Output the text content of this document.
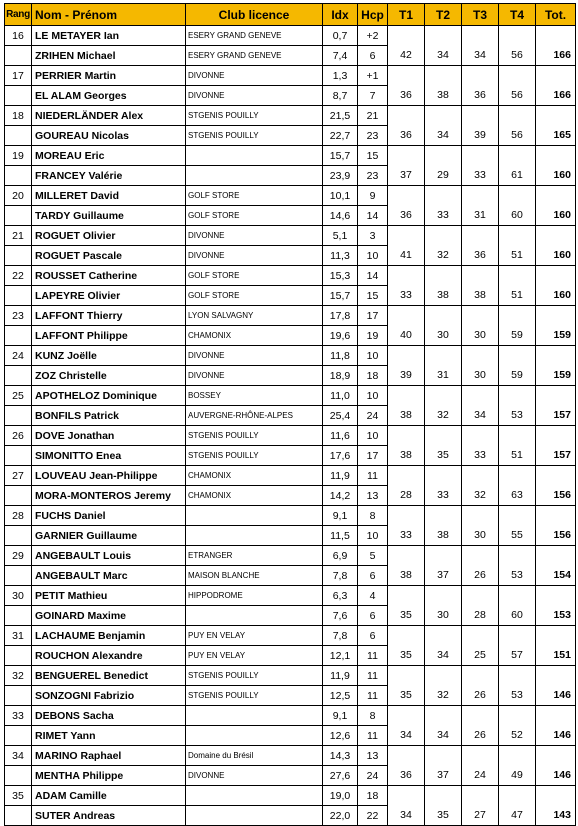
Rang	Nom - Prénom	Club licence	Idx	Hcp	T1	T2	T3	T4	Tot.
16	LE METAYER Ian	ESERY GRAND GENEVE	0,7	+2					
	ZRIHEN Michael	ESERY GRAND GENEVE	7,4	6	42	34	34	56	166
17	PERRIER Martin	DIVONNE	1,3	+1					
	EL ALAM Georges	DIVONNE	8,7	7	36	38	36	56	166
18	NIEDERLÄNDER Alex	STGENIS POUILLY	21,5	21					
	GOUREAU Nicolas	STGENIS POUILLY	22,7	23	36	34	39	56	165
19	MOREAU Eric		15,7	15					
	FRANCEY Valérie		23,9	23	37	29	33	61	160
20	MILLERET David	GOLF STORE	10,1	9					
	TARDY Guillaume	GOLF STORE	14,6	14	36	33	31	60	160
21	ROGUET Olivier	DIVONNE	5,1	3					
	ROGUET Pascale	DIVONNE	11,3	10	41	32	36	51	160
22	ROUSSET Catherine	GOLF STORE	15,3	14					
	LAPEYRE Olivier	GOLF STORE	15,7	15	33	38	38	51	160
23	LAFFONT Thierry	LYON SALVAGNY	17,8	17					
	LAFFONT Philippe	CHAMONIX	19,6	19	40	30	30	59	159
24	KUNZ Joëlle	DIVONNE	11,8	10					
	ZOZ Christelle	DIVONNE	18,9	18	39	31	30	59	159
25	APOTHELOZ Dominique	BOSSEY	11,0	10					
	BONFILS Patrick	AUVERGNE-RHÔNE-ALPES	25,4	24	38	32	34	53	157
26	DOVE Jonathan	STGENIS POUILLY	11,6	10					
	SIMONITTO Enea	STGENIS POUILLY	17,6	17	38	35	33	51	157
27	LOUVEAU Jean-Philippe	CHAMONIX	11,9	11					
	MORA-MONTEROS Jeremy	CHAMONIX	14,2	13	28	33	32	63	156
28	FUCHS Daniel		9,1	8					
	GARNIER Guillaume		11,5	10	33	38	30	55	156
29	ANGEBAULT Louis	ETRANGER	6,9	5					
	ANGEBAULT Marc	MAISON BLANCHE	7,8	6	38	37	26	53	154
30	PETIT Mathieu	HIPPODROME	6,3	4					
	GOINARD Maxime		7,6	6	35	30	28	60	153
31	LACHAUME Benjamin	PUY EN VELAY	7,8	6					
	ROUCHON Alexandre	PUY EN VELAY	12,1	11	35	34	25	57	151
32	BENGUEREL Benedict	STGENIS POUILLY	11,9	11					
	SONZOGNI Fabrizio	STGENIS POUILLY	12,5	11	35	32	26	53	146
33	DEBONS Sacha		9,1	8					
	RIMET Yann		12,6	11	34	34	26	52	146
34	MARINO Raphael	Domaine du Brésil	14,3	13					
	MENTHA Philippe	DIVONNE	27,6	24	36	37	24	49	146
35	ADAM Camille		19,0	18					
	SUTER Andreas		22,0	22	34	35	27	47	143
